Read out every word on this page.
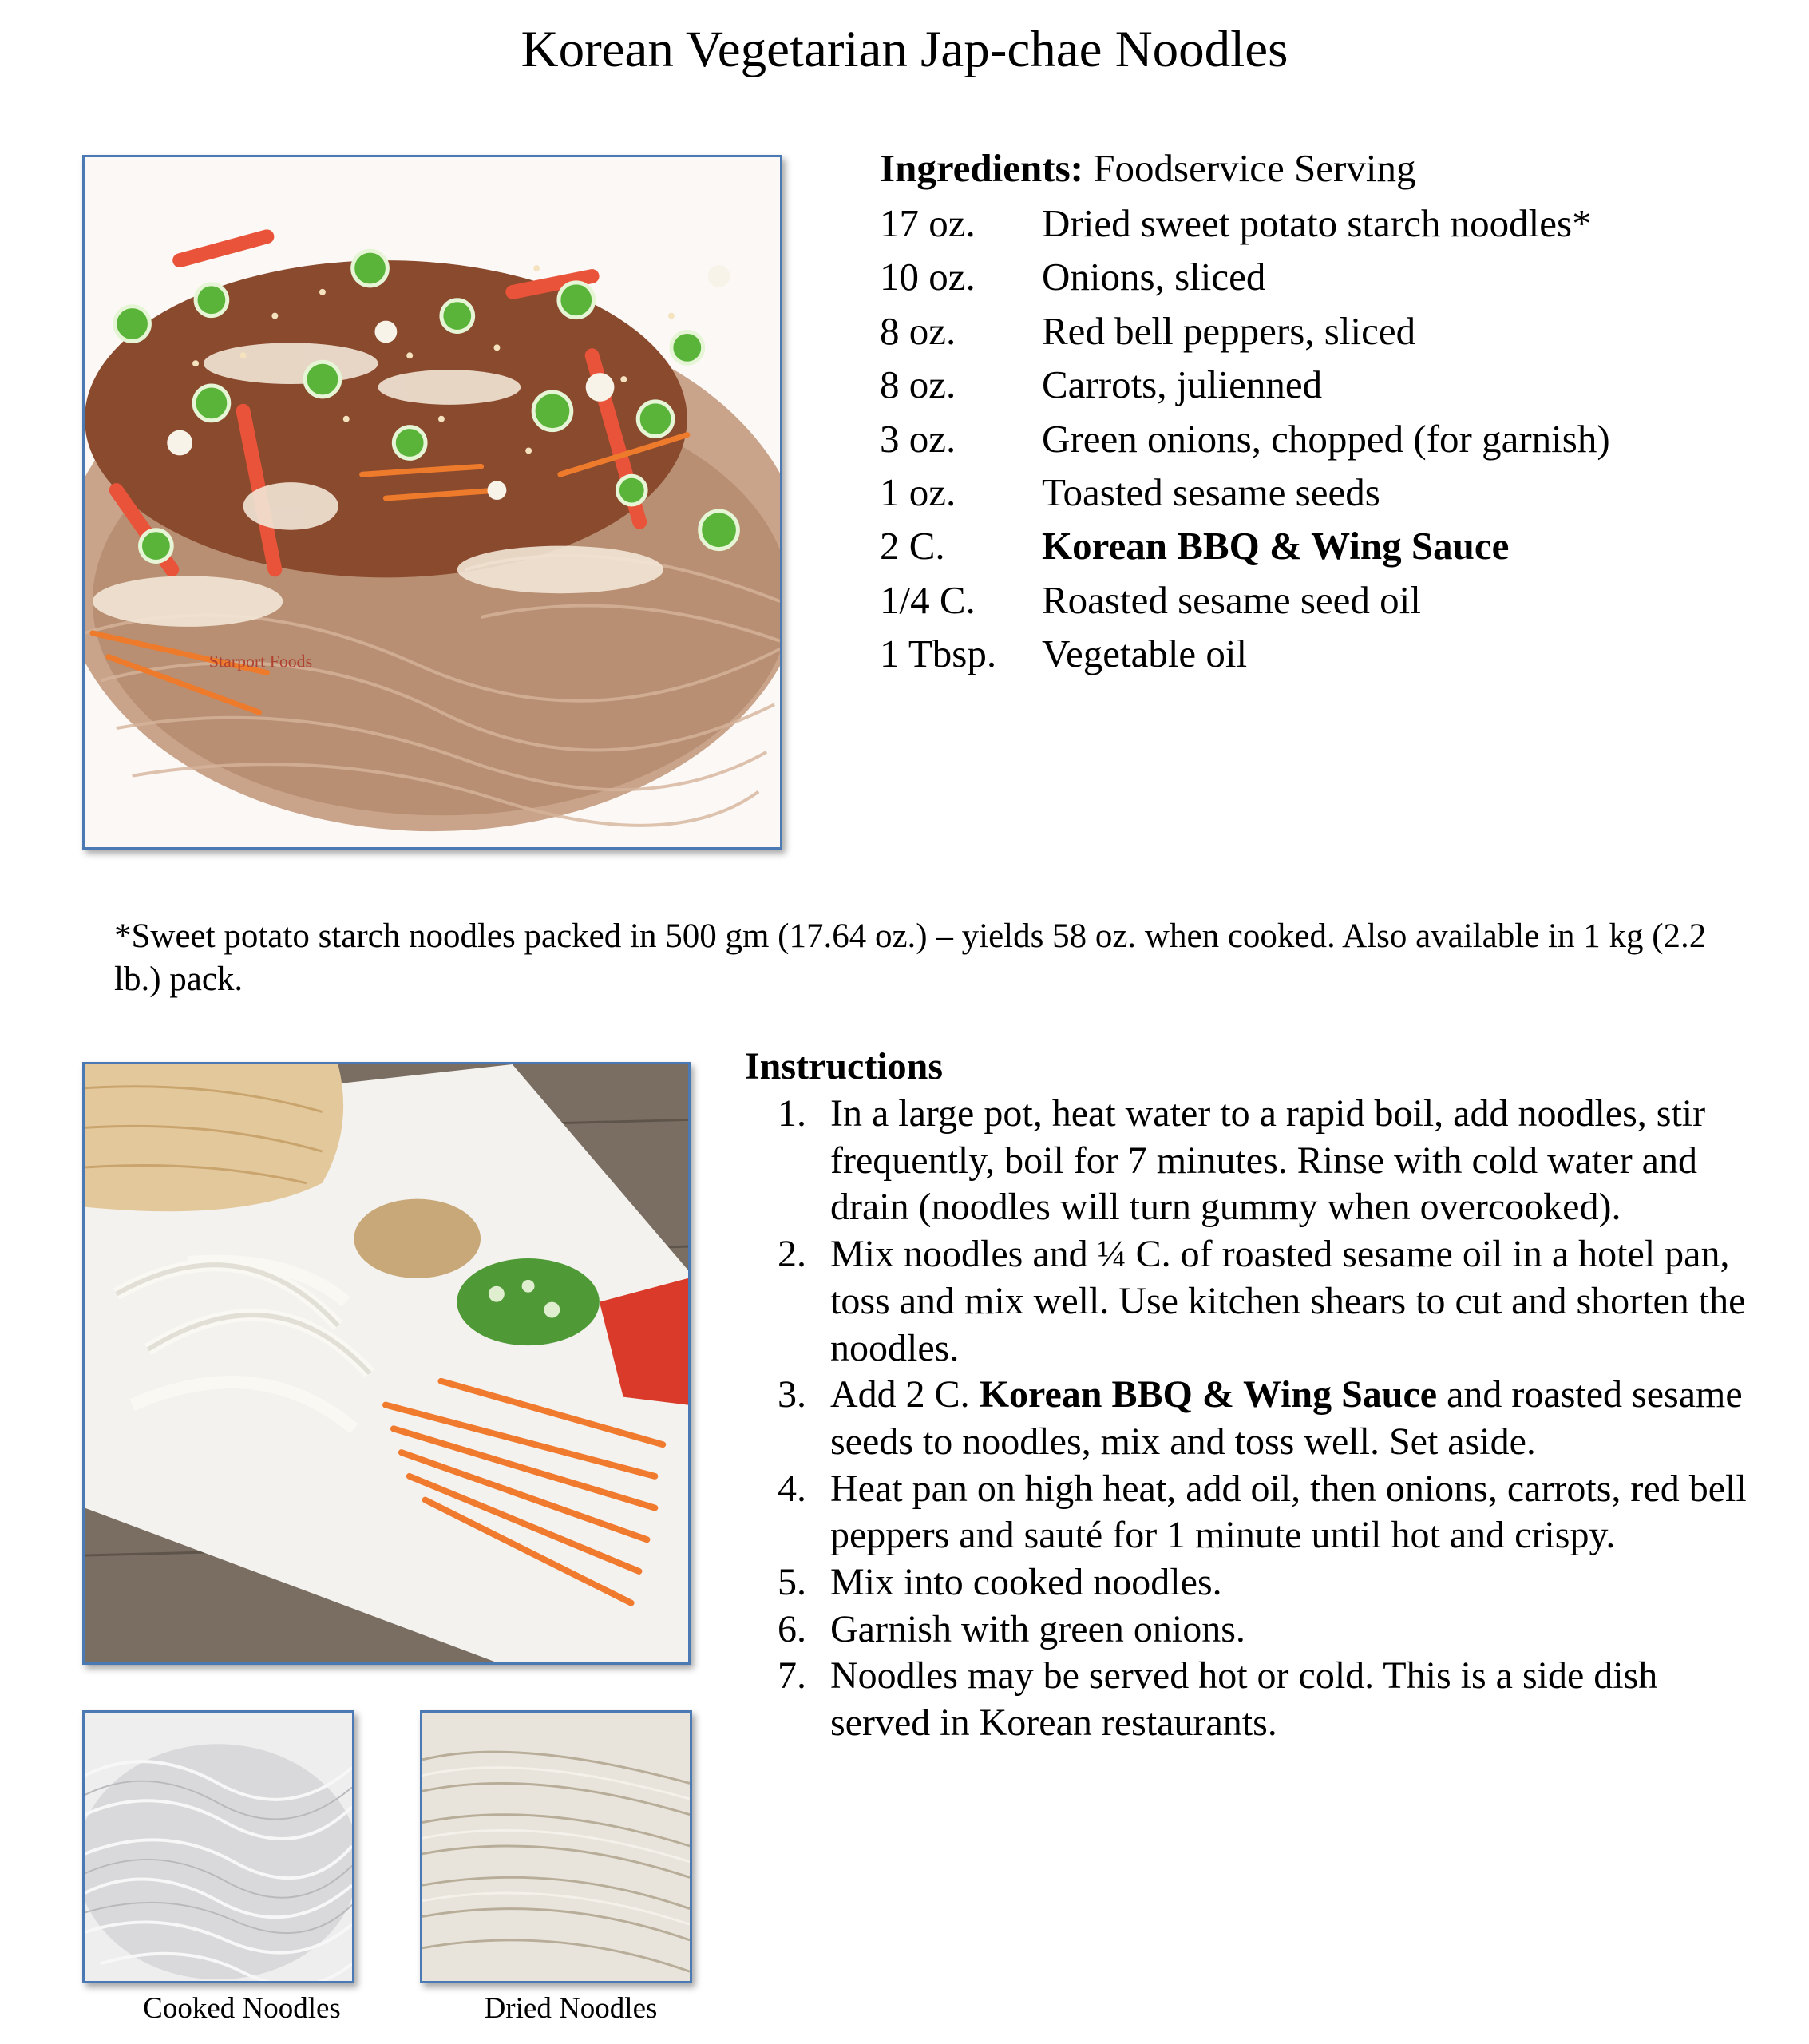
Korean Vegetarian Jap-chae Noodles
Starport Foods
Ingredients: Foodservice Serving
17 oz.	Dried sweet potato starch noodles*
10 oz.	Onions, sliced
8 oz.	Red bell peppers, sliced
8 oz.	Carrots, julienned
3 oz.	Green onions, chopped (for garnish)
1 oz.	Toasted sesame seeds
2 C.	Korean BBQ & Wing Sauce
1/4 C.	Roasted sesame seed oil
1 Tbsp.	Vegetable oil
*Sweet potato starch noodles packed in 500 gm (17.64 oz.) – yields 58 oz. when cooked. Also available in 1 kg (2.2 lb.) pack.
Cooked Noodles	Dried Noodles
Instructions
1. In a large pot, heat water to a rapid boil, add noodles, stir frequently, boil for 7 minutes. Rinse with cold water and drain (noodles will turn gummy when overcooked).
2. Mix noodles and ¼ C. of roasted sesame oil in a hotel pan, toss and mix well. Use kitchen shears to cut and shorten the noodles.
3. Add 2 C. Korean BBQ & Wing Sauce and roasted sesame seeds to noodles, mix and toss well. Set aside.
4. Heat pan on high heat, add oil, then onions, carrots, red bell peppers and sauté for 1 minute until hot and crispy.
5. Mix into cooked noodles.
6. Garnish with green onions.
7. Noodles may be served hot or cold. This is a side dish served in Korean restaurants.
